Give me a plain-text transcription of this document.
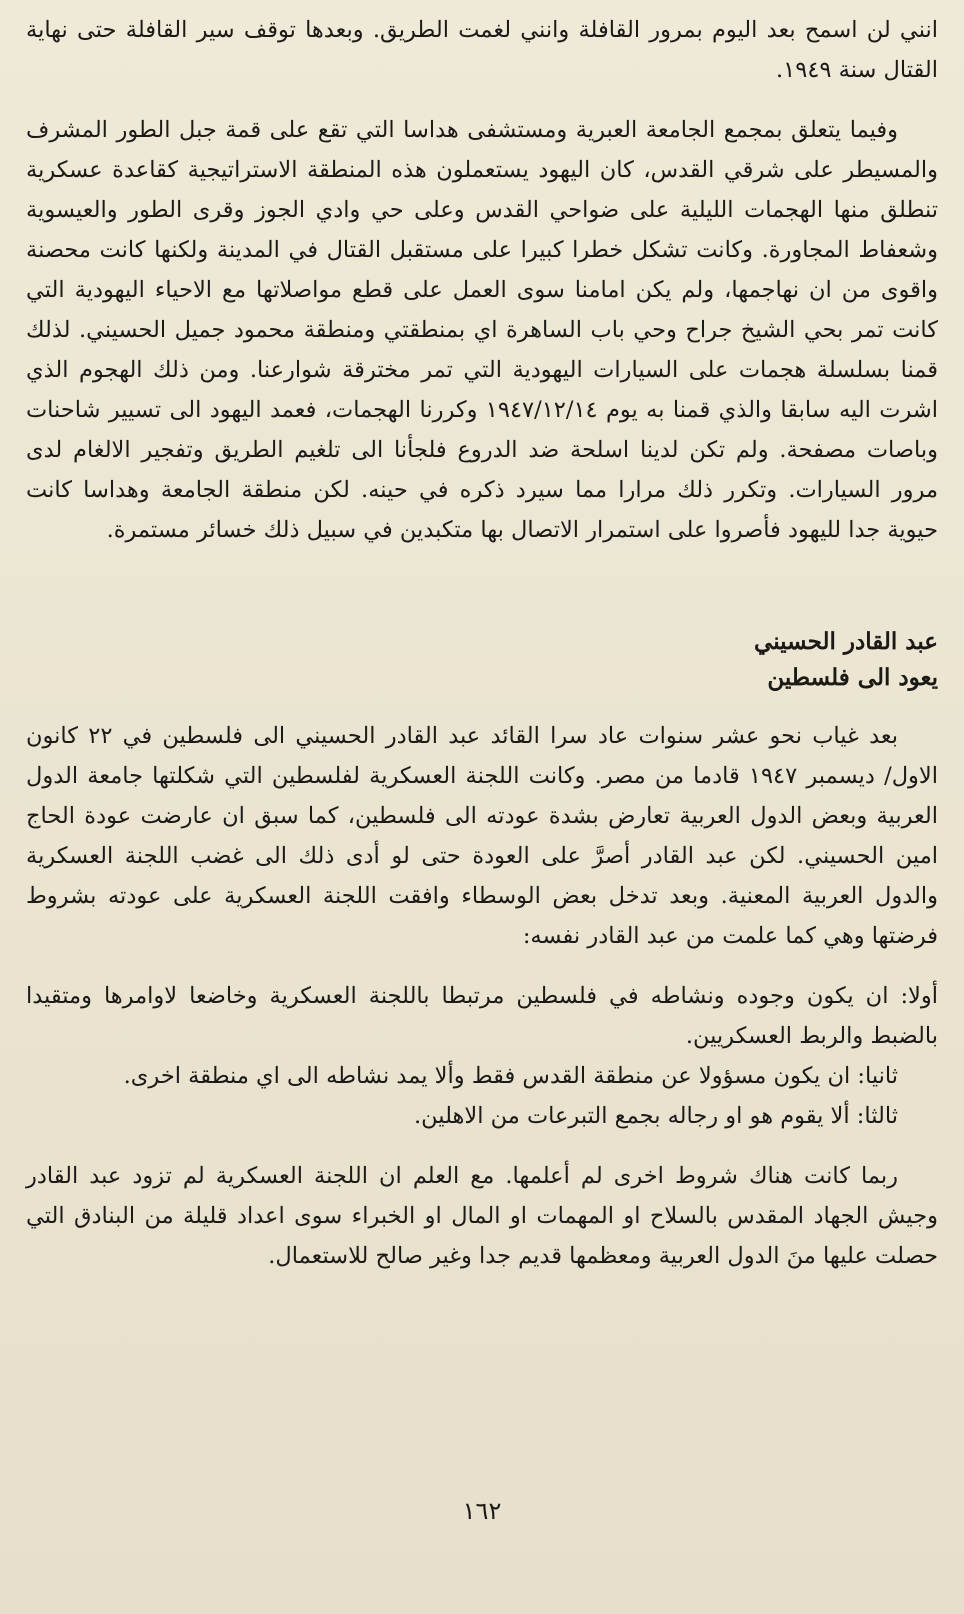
انني لن اسمح بعد اليوم بمرور القافلة وانني لغمت الطريق. وبعدها توقف سير القافلة حتى نهاية القتال سنة ١٩٤٩.

وفيما يتعلق بمجمع الجامعة العبرية ومستشفى هداسا التي تقع على قمة جبل الطور المشرف والمسيطر على شرقي القدس، كان اليهود يستعملون هذه المنطقة الاستراتيجية كقاعدة عسكرية تنطلق منها الهجمات الليلية على ضواحي القدس وعلى حي وادي الجوز وقرى الطور والعيسوية وشعفاط المجاورة. وكانت تشكل خطرا كبيرا على مستقبل القتال في المدينة ولكنها كانت محصنة واقوى من ان نهاجمها، ولم يكن امامنا سوى العمل على قطع مواصلاتها مع الاحياء اليهودية التي كانت تمر بحي الشيخ جراح وحي باب الساهرة اي بمنطقتي ومنطقة محمود جميل الحسيني. لذلك قمنا بسلسلة هجمات على السيارات اليهودية التي تمر مخترقة شوارعنا. ومن ذلك الهجوم الذي اشرت اليه سابقا والذي قمنا به يوم ١٩٤٧/١٢/١٤ وكررنا الهجمات، فعمد اليهود الى تسيير شاحنات وباصات مصفحة. ولم تكن لدينا اسلحة ضد الدروع فلجأنا الى تلغيم الطريق وتفجير الالغام لدى مرور السيارات. وتكرر ذلك مرارا مما سيرد ذكره في حينه. لكن منطقة الجامعة وهداسا كانت حيوية جدا لليهود فأصروا على استمرار الاتصال بها متكبدين في سبيل ذلك خسائر مستمرة.

عبد القادر الحسيني
يعود الى فلسطين

بعد غياب نحو عشر سنوات عاد سرا القائد عبد القادر الحسيني الى فلسطين في ٢٢ كانون الاول/ ديسمبر ١٩٤٧ قادما من مصر. وكانت اللجنة العسكرية لفلسطين التي شكلتها جامعة الدول العربية وبعض الدول العربية تعارض بشدة عودته الى فلسطين، كما سبق ان عارضت عودة الحاج امين الحسيني. لكن عبد القادر أصرَّ على العودة حتى لو أدى ذلك الى غضب اللجنة العسكرية والدول العربية المعنية. وبعد تدخل بعض الوسطاء وافقت اللجنة العسكرية على عودته بشروط فرضتها وهي كما علمت من عبد القادر نفسه:

أولا: ان يكون وجوده ونشاطه في فلسطين مرتبطا باللجنة العسكرية وخاضعا لاوامرها ومتقيدا بالضبط والربط العسكريين.

ثانيا: ان يكون مسؤولا عن منطقة القدس فقط وألا يمد نشاطه الى اي منطقة اخرى.

ثالثا: ألا يقوم هو او رجاله بجمع التبرعات من الاهلين.

ربما كانت هناك شروط اخرى لم أعلمها. مع العلم ان اللجنة العسكرية لم تزود عبد القادر وجيش الجهاد المقدس بالسلاح او المهمات او المال او الخبراء سوى اعداد قليلة من البنادق التي حصلت عليها منَ الدول العربية ومعظمها قديم جدا وغير صالح للاستعمال.

١٦٢
